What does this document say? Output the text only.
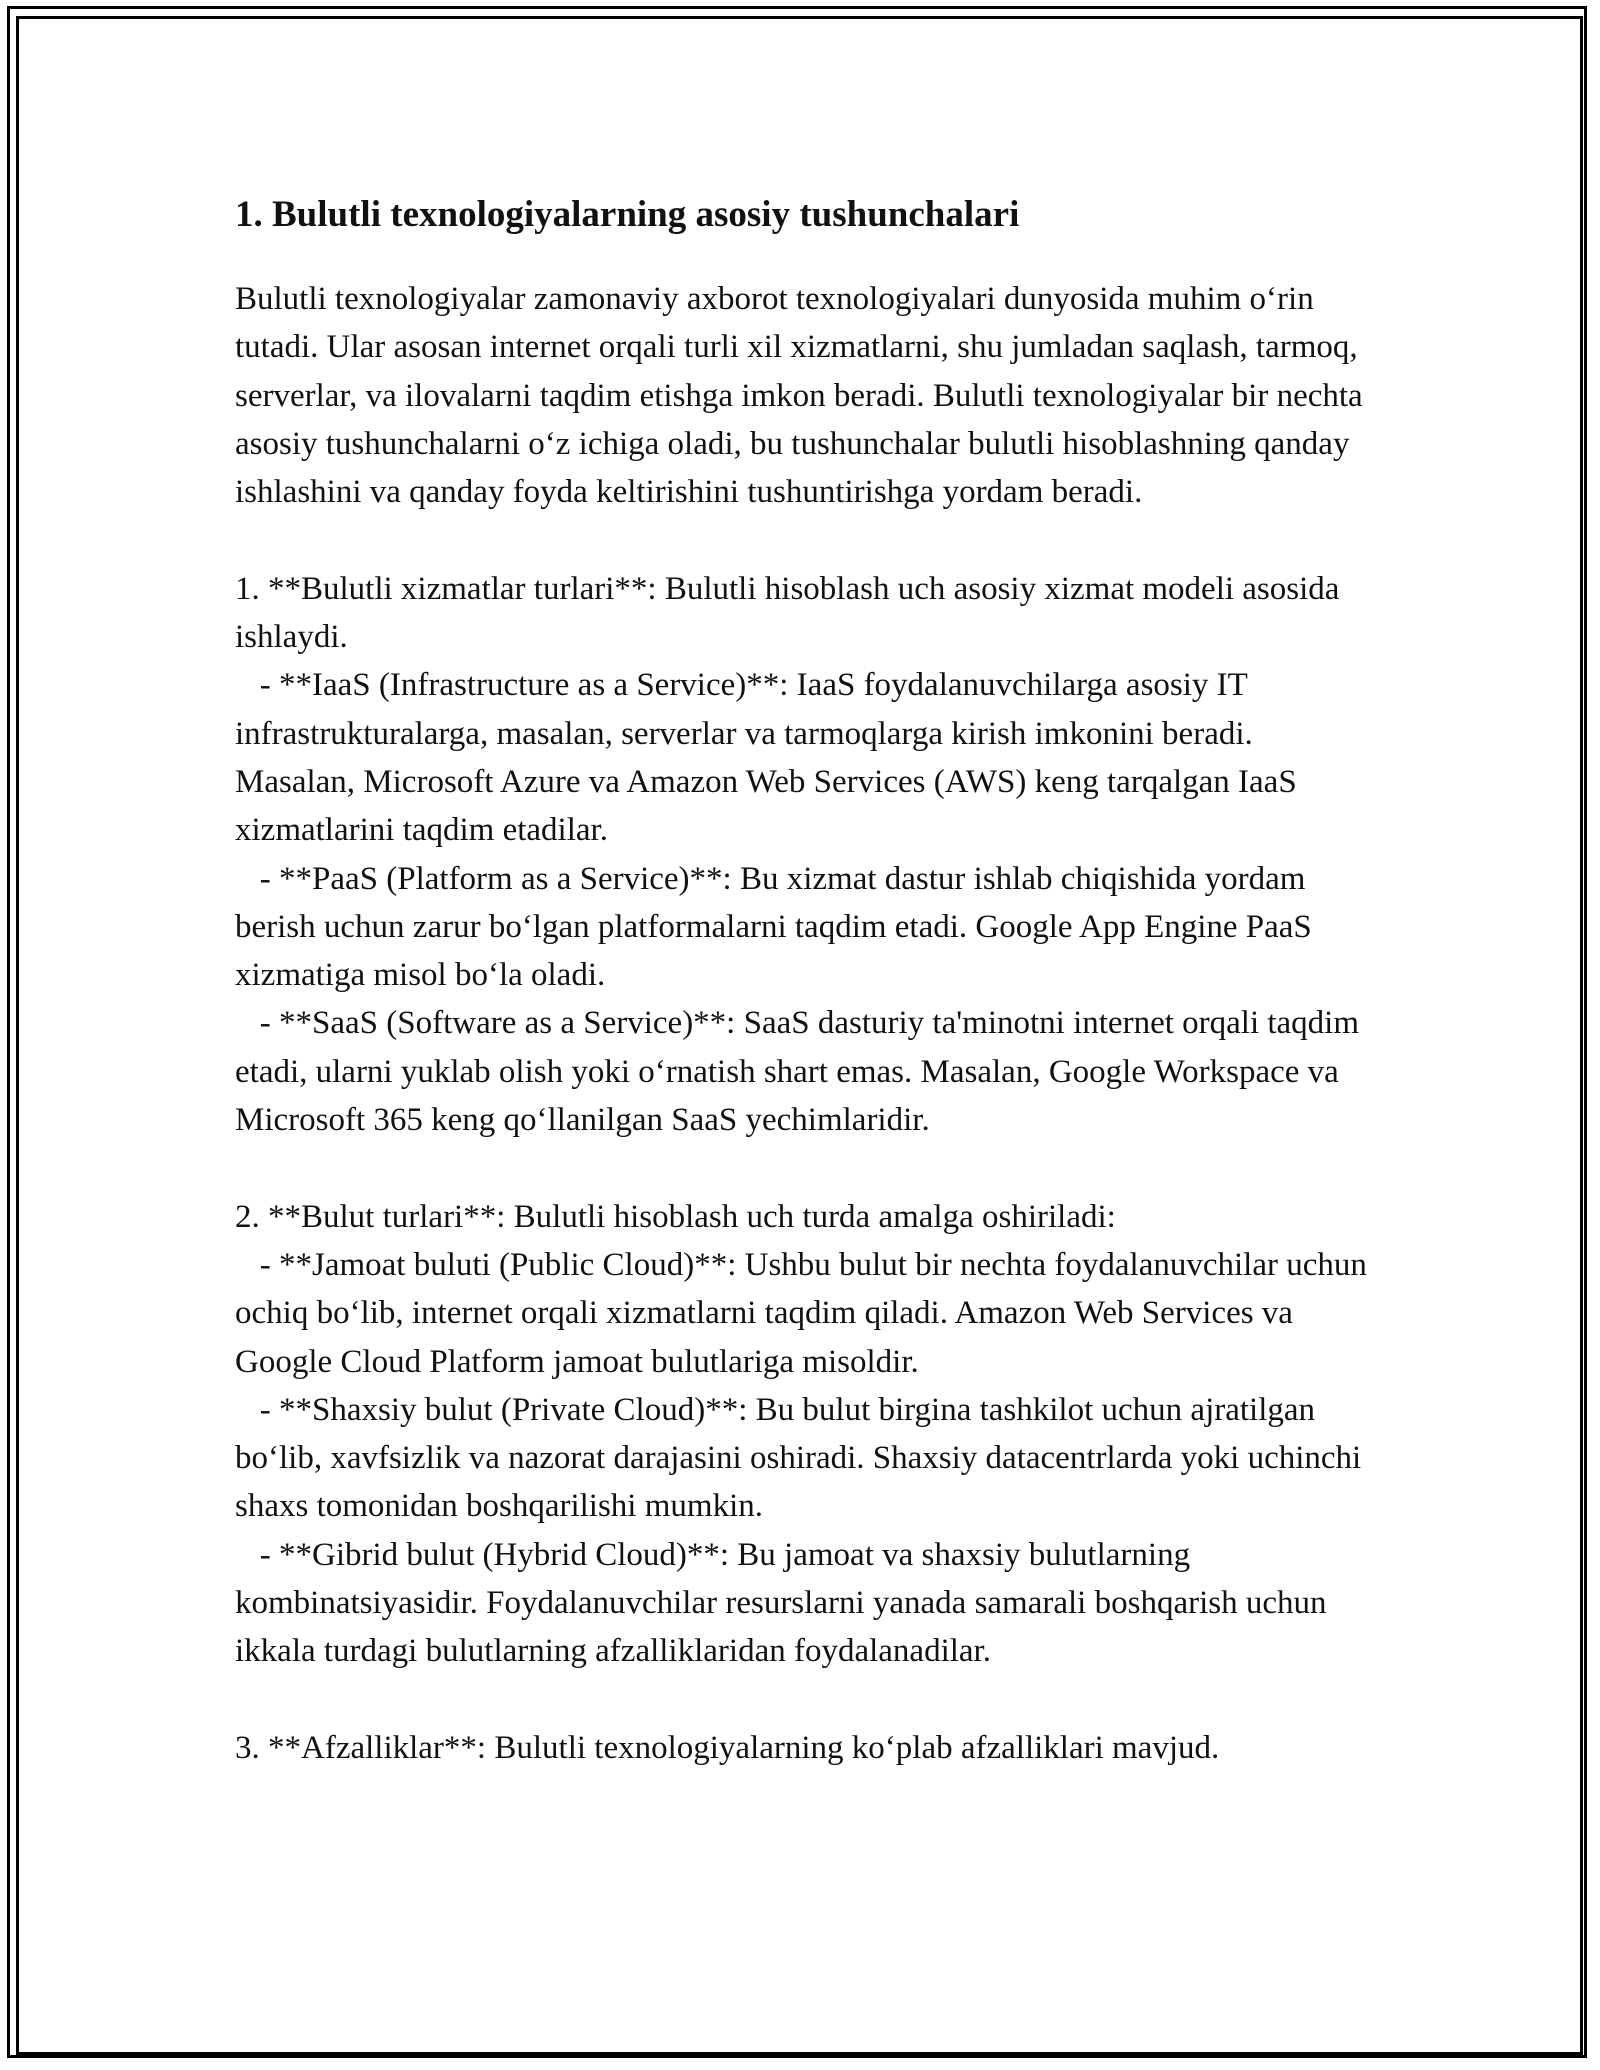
1. Bulutli texnologiyalarning asosiy tushunchalari

Bulutli texnologiyalar zamonaviy axborot texnologiyalari dunyosida muhim o‘rin tutadi. Ular asosan internet orqali turli xil xizmatlarni, shu jumladan saqlash, tarmoq, serverlar, va ilovalarni taqdim etishga imkon beradi. Bulutli texnologiyalar bir nechta asosiy tushunchalarni o‘z ichiga oladi, bu tushunchalar bulutli hisoblashning qanday ishlashini va qanday foyda keltirishini tushuntirishga yordam beradi.

1. **Bulutli xizmatlar turlari**: Bulutli hisoblash uch asosiy xizmat modeli asosida ishlaydi.

- **IaaS (Infrastructure as a Service)**: IaaS foydalanuvchilarga asosiy IT infrastrukturalarga, masalan, serverlar va tarmoqlarga kirish imkonini beradi. Masalan, Microsoft Azure va Amazon Web Services (AWS) keng tarqalgan IaaS xizmatlarini taqdim etadilar.

- **PaaS (Platform as a Service)**: Bu xizmat dastur ishlab chiqishida yordam berish uchun zarur bo‘lgan platformalarni taqdim etadi. Google App Engine PaaS xizmatiga misol bo‘la oladi.

- **SaaS (Software as a Service)**: SaaS dasturiy ta'minotni internet orqali taqdim etadi, ularni yuklab olish yoki o‘rnatish shart emas. Masalan, Google Workspace va Microsoft 365 keng qo‘llanilgan SaaS yechimlaridir.

2. **Bulut turlari**: Bulutli hisoblash uch turda amalga oshiriladi:

- **Jamoat buluti (Public Cloud)**: Ushbu bulut bir nechta foydalanuvchilar uchun ochiq bo‘lib, internet orqali xizmatlarni taqdim qiladi. Amazon Web Services va Google Cloud Platform jamoat bulutlariga misoldir.

- **Shaxsiy bulut (Private Cloud)**: Bu bulut birgina tashkilot uchun ajratilgan bo‘lib, xavfsizlik va nazorat darajasini oshiradi. Shaxsiy datacentrlarda yoki uchinchi shaxs tomonidan boshqarilishi mumkin.

- **Gibrid bulut (Hybrid Cloud)**: Bu jamoat va shaxsiy bulutlarning kombinatsiyasidir. Foydalanuvchilar resurslarni yanada samarali boshqarish uchun ikkala turdagi bulutlarning afzalliklaridan foydalanadilar.

3. **Afzalliklar**: Bulutli texnologiyalarning ko‘plab afzalliklari mavjud.
